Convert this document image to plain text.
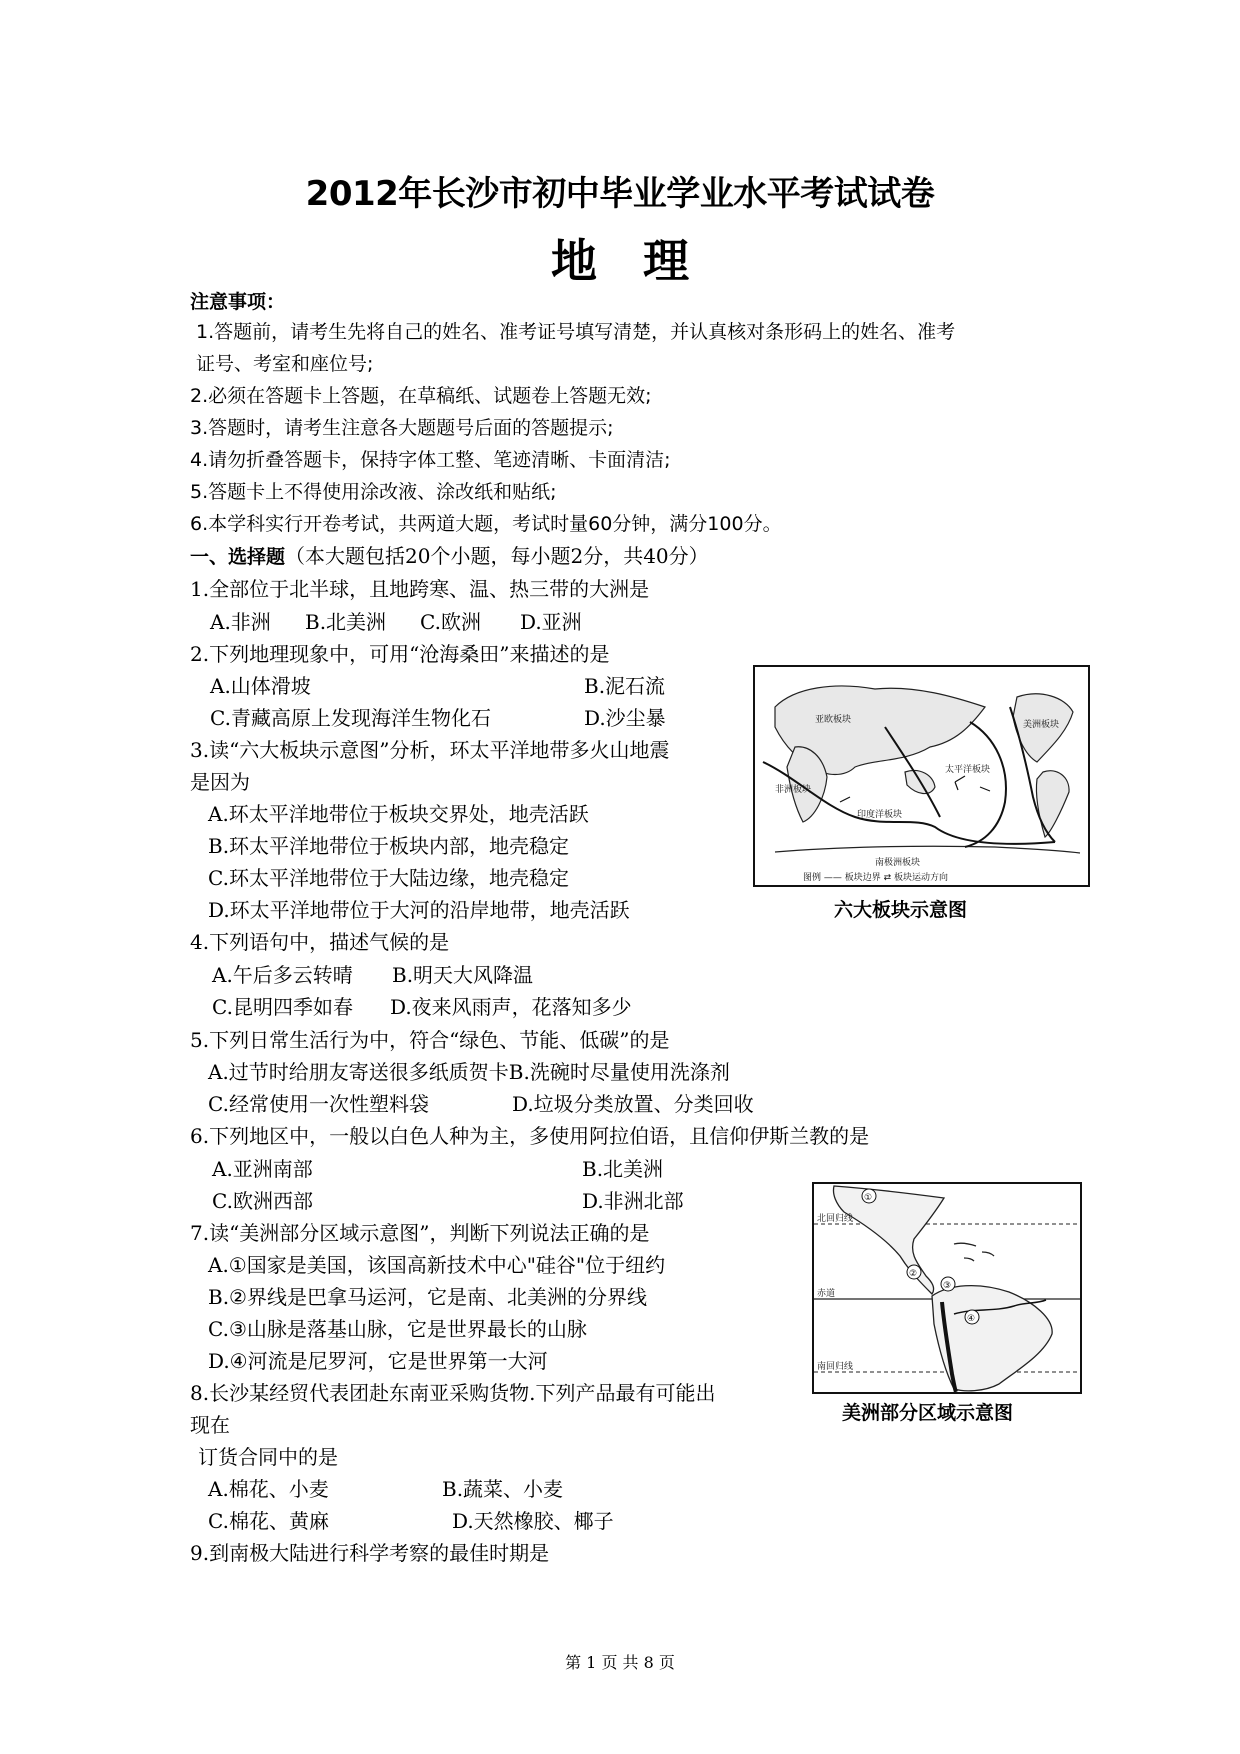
2012年长沙市初中毕业学业水平考试试卷
地　理
注意事项：
1.答题前，请考生先将自己的姓名、准考证号填写清楚，并认真核对条形码上的姓名、准考
证号、考室和座位号;
2.必须在答题卡上答题，在草稿纸、试题卷上答题无效;
3.答题时，请考生注意各大题题号后面的答题提示;
4.请勿折叠答题卡，保持字体工整、笔迹清晰、卡面清洁;
5.答题卡上不得使用涂改液、涂改纸和贴纸;
6.本学科实行开卷考试，共两道大题，考试时量60分钟，满分100分。
一、选择题（本大题包括20个小题，每小题2分，共40分）
1.全部位于北半球，且地跨寒、温、热三带的大洲是
A.非洲 B.北美洲 C.欧洲 D.亚洲
2.下列地理现象中，可用“沧海桑田”来描述的是
A.山体滑坡	B.泥石流
C.青藏高原上发现海洋生物化石	D.沙尘暴
3.读“六大板块示意图”分析，环太平洋地带多火山地震
是因为
A.环太平洋地带位于板块交界处，地壳活跃
B.环太平洋地带位于板块内部，地壳稳定
C.环太平洋地带位于大陆边缘，地壳稳定
D.环太平洋地带位于大河的沿岸地带，地壳活跃
4.下列语句中，描述气候的是
A.午后多云转晴 B.明天大风降温
C.昆明四季如春 D.夜来风雨声，花落知多少
5.下列日常生活行为中，符合“绿色、节能、低碳”的是
A.过节时给朋友寄送很多纸质贺卡B.洗碗时尽量使用洗涤剂
C.经常使用一次性塑料袋	D.垃圾分类放置、分类回收
6.下列地区中，一般以白色人种为主，多使用阿拉伯语，且信仰伊斯兰教的是
A.亚洲南部	B.北美洲
C.欧洲西部	D.非洲北部
7.读“美洲部分区域示意图”，判断下列说法正确的是
A.①国家是美国，该国高新技术中心"硅谷"位于纽约
B.②界线是巴拿马运河，它是南、北美洲的分界线
C.③山脉是落基山脉，它是世界最长的山脉
D.④河流是尼罗河，它是世界第一大河
8.长沙某经贸代表团赴东南亚采购货物.下列产品最有可能出
现在
订货合同中的是
A.棉花、小麦	B.蔬菜、小麦
C.棉花、黄麻	D.天然橡胶、椰子
9.到南极大陆进行科学考察的最佳时期是
亚欧板块	美洲板块
非洲板块
太平洋板块
印度洋板块
南极洲板块
图例 —— 板块边界 ⇄ 板块运动方向
六大板块示意图
①
②
③
④
北回归线
赤道
南回归线
美洲部分区域示意图
第 1 页 共 8 页
